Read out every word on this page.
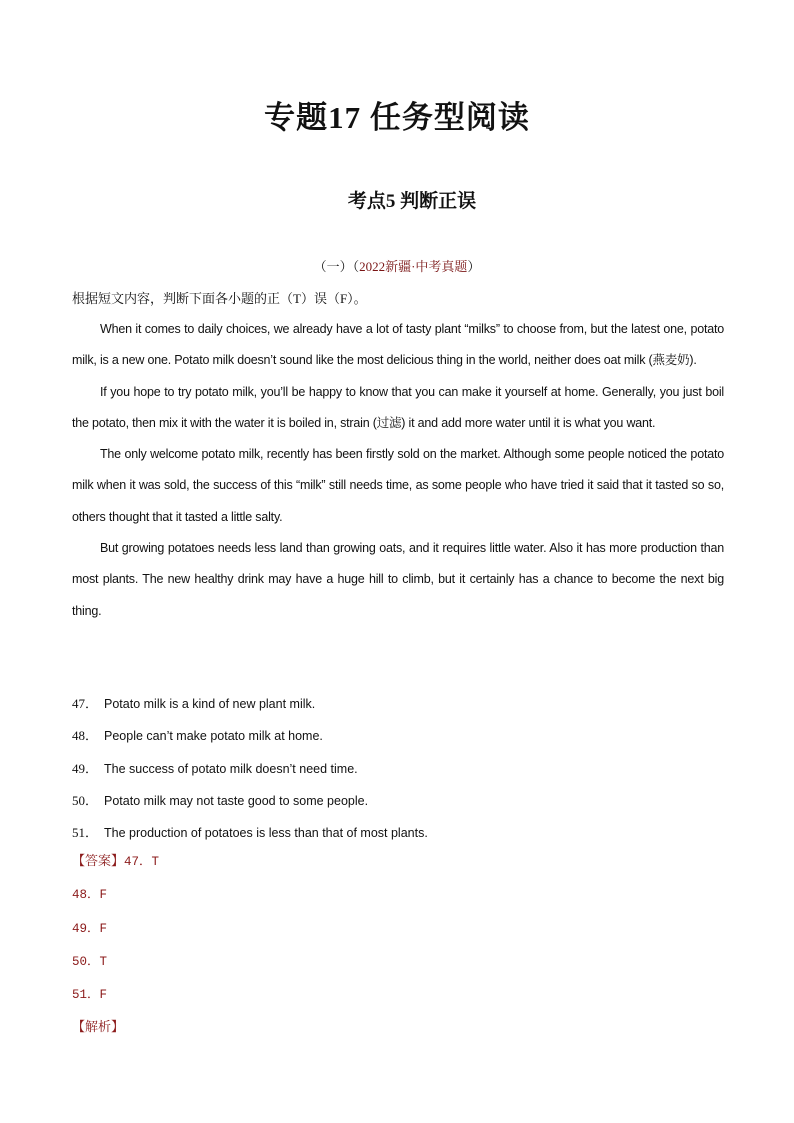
专题17 任务型阅读
考点5 判断正误
（一）（2022新疆·中考真题）
根据短文内容，判断下面各小题的正（T）误（F）。

When it comes to daily choices, we already have a lot of tasty plant “milks” to choose from, but the latest one, potato milk, is a new one. Potato milk doesn’t sound like the most delicious thing in the world, neither does oat milk (燕麦奶).

If you hope to try potato milk, you’ll be happy to know that you can make it yourself at home. Generally, you just boil the potato, then mix it with the water it is boiled in, strain (过滤) it and add more water until it is what you want.

The only welcome potato milk, recently has been firstly sold on the market. Although some people noticed the potato milk when it was sold, the success of this “milk” still needs time, as some people who have tried it said that it tasted so so, others thought that it tasted a little salty.

But growing potatoes needs less land than growing oats, and it requires little water. Also it has more production than most plants. The new healthy drink may have a huge hill to climb, but it certainly has a chance to become the next big thing.

47． Potato milk is a kind of new plant milk.
48． People can’t make potato milk at home.
49． The success of potato milk doesn’t need time.
50． Potato milk may not taste good to some people.
51． The production of potatoes is less than that of most plants.
【答案】47．T
48．F
49．F
50．T
51．F
【解析】
